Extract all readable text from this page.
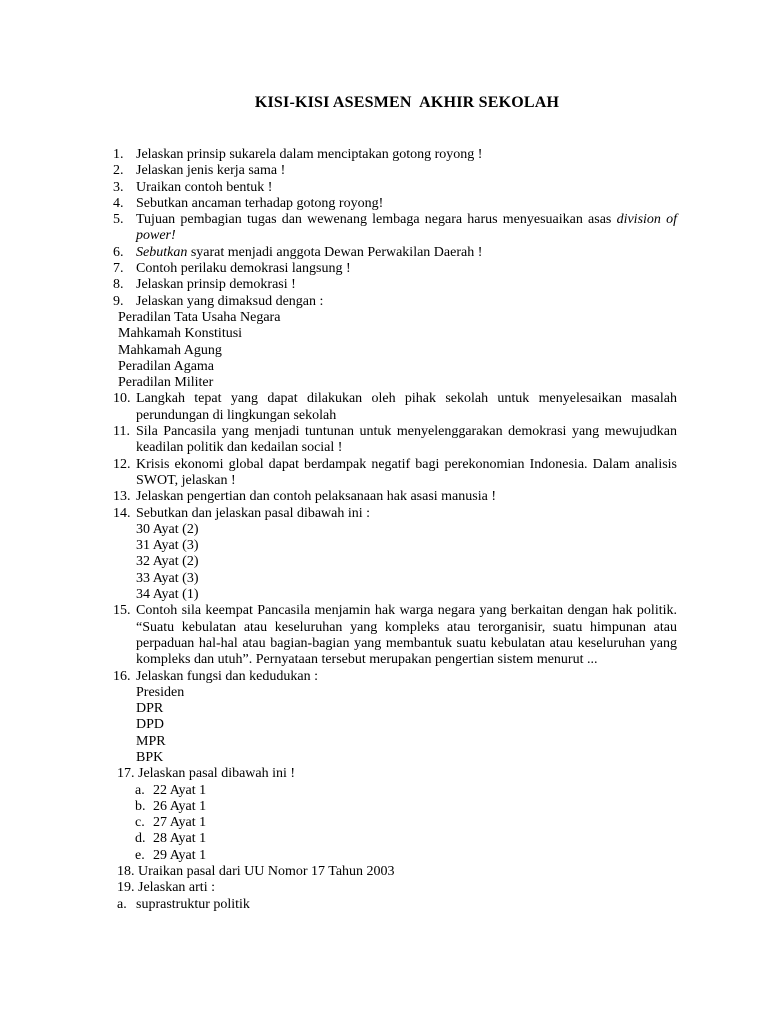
KISI-KISI ASESMEN  AKHIR SEKOLAH
1. Jelaskan prinsip sukarela dalam menciptakan gotong royong !
2. Jelaskan jenis kerja sama !
3. Uraikan contoh bentuk !
4. Sebutkan ancaman terhadap gotong royong!
5. Tujuan pembagian tugas dan wewenang lembaga negara harus menyesuaikan asas division of
power!
6. Sebutkan syarat menjadi anggota Dewan Perwakilan Daerah !
7. Contoh perilaku demokrasi langsung !
8. Jelaskan prinsip demokrasi !
9. Jelaskan yang dimaksud dengan :
Peradilan Tata Usaha Negara
Mahkamah Konstitusi
Mahkamah Agung
Peradilan Agama
Peradilan Militer
10. Langkah tepat yang dapat dilakukan oleh pihak sekolah untuk menyelesaikan masalah
perundungan di lingkungan sekolah
11. Sila Pancasila yang menjadi tuntunan untuk menyelenggarakan demokrasi yang mewujudkan
keadilan politik dan kedailan social !
12. Krisis ekonomi global dapat berdampak negatif bagi perekonomian Indonesia. Dalam analisis
SWOT, jelaskan !
13. Jelaskan pengertian dan contoh pelaksanaan hak asasi manusia !
14. Sebutkan dan jelaskan pasal dibawah ini :
30 Ayat (2)
31 Ayat (3)
32 Ayat (2)
33 Ayat (3)
34 Ayat (1)
15. Contoh sila keempat Pancasila menjamin hak warga negara yang berkaitan dengan hak politik.
“Suatu kebulatan atau keseluruhan yang kompleks atau terorganisir, suatu himpunan atau
perpaduan hal-hal atau bagian-bagian yang membantuk suatu kebulatan atau keseluruhan yang
kompleks dan utuh”. Pernyataan tersebut merupakan pengertian sistem menurut ...
16. Jelaskan fungsi dan kedudukan :
Presiden
DPR
DPD
MPR
BPK
17. Jelaskan pasal dibawah ini !
a. 22 Ayat 1
b. 26 Ayat 1
c. 27 Ayat 1
d. 28 Ayat 1
e. 29 Ayat 1
18. Uraikan pasal dari UU Nomor 17 Tahun 2003
19. Jelaskan arti :
a. suprastruktur politik
